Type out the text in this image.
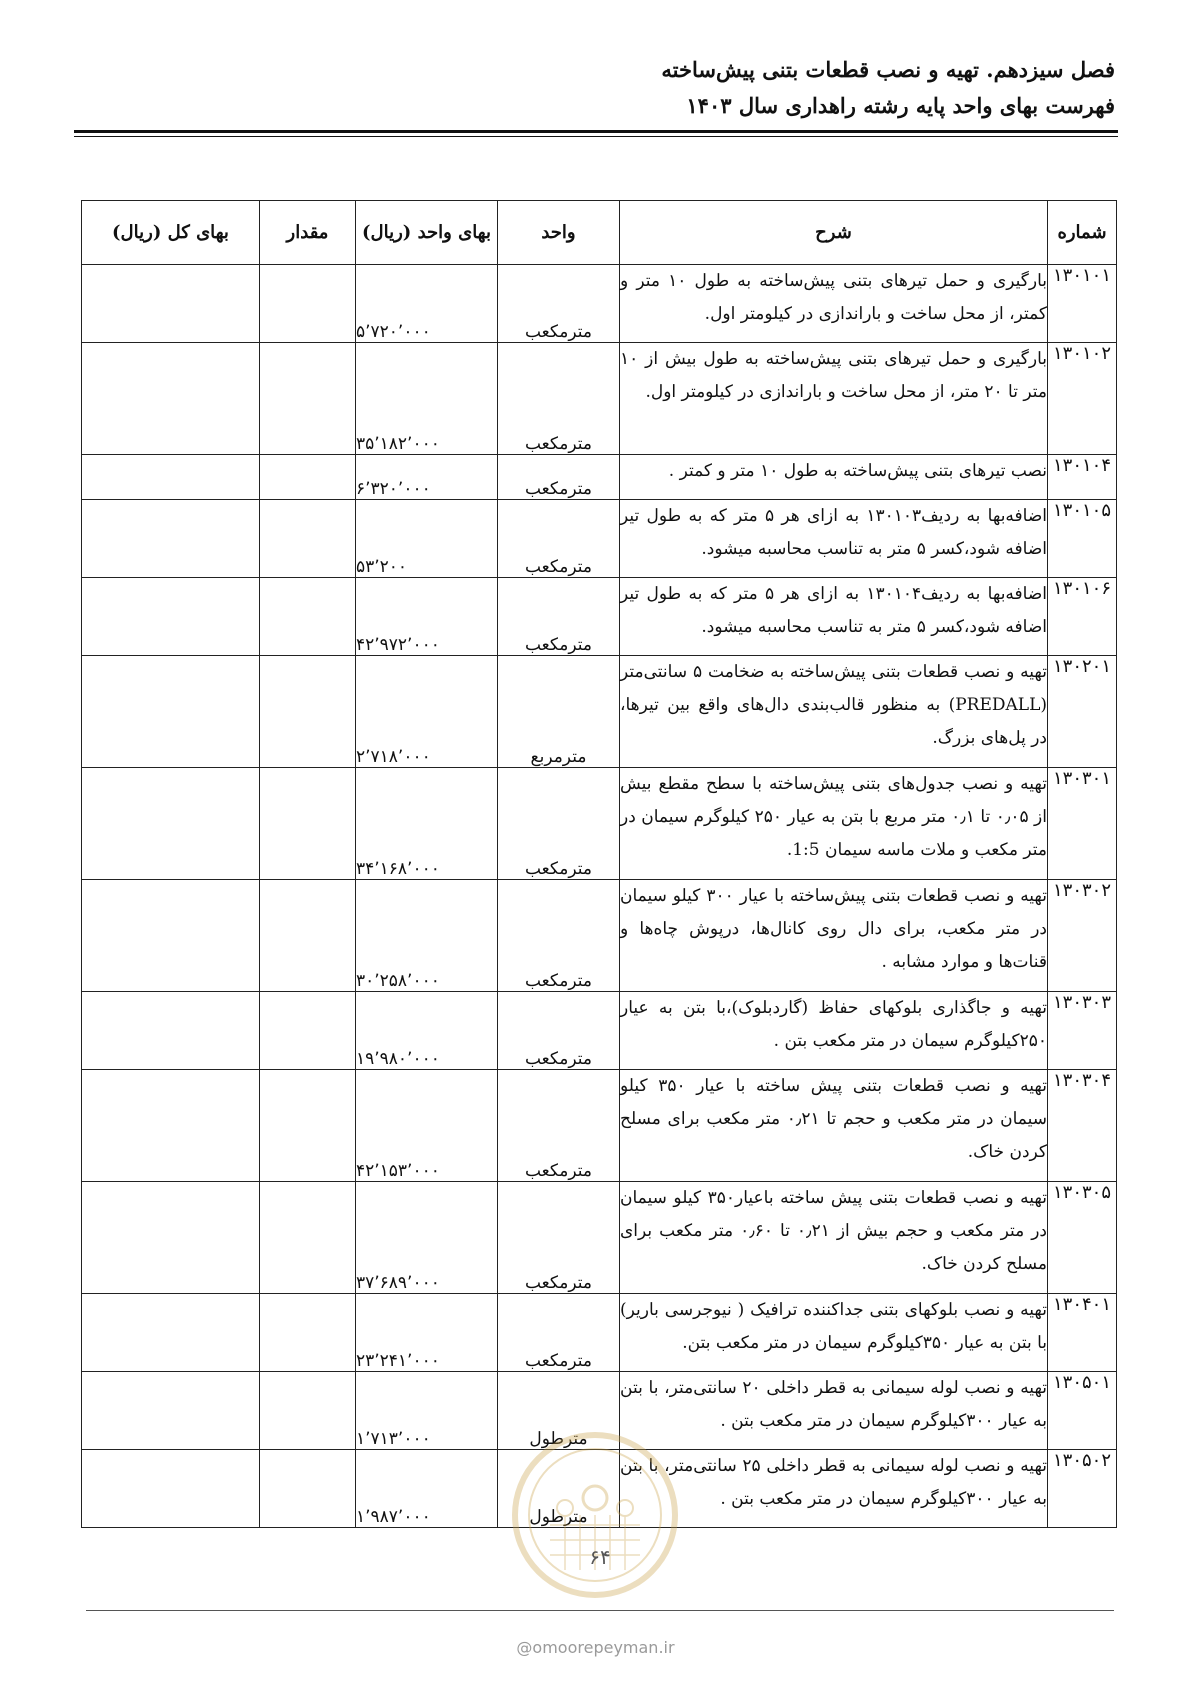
فصل سیزدهم. تهیه و نصب قطعات بتنی پیش‌ساخته
فهرست بهای واحد پایه رشته راهداری سال ۱۴۰۳
شماره	شرح	واحد	بهای واحد (ریال)	مقدار	بهای کل (ریال)
۱۳۰۱۰۱	بارگیری و حمل تیرهای بتنی پیش‌ساخته به طول ۱۰ متر و کمتر، از محل ساخت و باراندازی در کیلومتر اول.	مترمکعب	۵٬۷۲۰٬۰۰۰		
۱۳۰۱۰۲	بارگیری و حمل تیرهای بتنی پیش‌ساخته به طول بیش از ۱۰ متر تا ۲۰ متر، از محل ساخت و باراندازی در کیلومتر اول.	مترمکعب	۳۵٬۱۸۲٬۰۰۰		
۱۳۰۱۰۴	نصب تیرهای بتنی پیش‌ساخته به طول ۱۰ متر و کمتر .	مترمکعب	۶٬۳۲۰٬۰۰۰		
۱۳۰۱۰۵	اضافه‌بها به ردیف۱۳۰۱۰۳ به ازای هر ۵ متر که به طول تیر اضافه شود،کسر ۵ متر به تناسب محاسبه میشود.	مترمکعب	۵۳٬۲۰۰		
۱۳۰۱۰۶	اضافه‌بها به ردیف۱۳۰۱۰۴ به ازای هر ۵ متر که به طول تیر اضافه شود،کسر ۵ متر به تناسب محاسبه میشود.	مترمکعب	۴۲٬۹۷۲٬۰۰۰		
۱۳۰۲۰۱	تهیه و نصب قطعات بتنی پیش‌ساخته به ضخامت ۵ سانتی‌متر (PREDALL) به منظور قالب‌بندی دال‌های واقع بین تیرها، در پل‌های بزرگ.	مترمربع	۲٬۷۱۸٬۰۰۰		
۱۳۰۳۰۱	تهیه و نصب جدول‌های بتنی پیش‌ساخته با سطح مقطع بیش از ۰٫۰۵ تا ۰٫۱ متر مربع با بتن به عیار ۲۵۰ کیلوگرم سیمان در متر مکعب و ملات ماسه سیمان 1:5.	مترمکعب	۳۴٬۱۶۸٬۰۰۰		
۱۳۰۳۰۲	تهیه و نصب قطعات بتنی پیش‌ساخته با عیار ۳۰۰ کیلو سیمان در متر مکعب، برای دال روی کانال‌ها، درپوش چاه‌ها و قنات‌ها و موارد مشابه .	مترمکعب	۳۰٬۲۵۸٬۰۰۰		
۱۳۰۳۰۳	تهیه و جاگذاری بلوکهای حفاظ (گاردبلوک)،با بتن به عیار ۲۵۰کیلوگرم سیمان در متر مکعب بتن .	مترمکعب	۱۹٬۹۸۰٬۰۰۰		
۱۳۰۳۰۴	تهیه و نصب قطعات بتنی پیش ساخته با عیار ۳۵۰ کیلو سیمان در متر مکعب و حجم تا ۰٫۲۱ متر مکعب برای مسلح کردن خاک.	مترمکعب	۴۲٬۱۵۳٬۰۰۰		
۱۳۰۳۰۵	تهیه و نصب قطعات بتنی پیش ساخته باعیار۳۵۰ کیلو سیمان در متر مکعب و حجم بیش از ۰٫۲۱ تا ۰٫۶۰ متر مکعب برای مسلح کردن خاک.	مترمکعب	۳۷٬۶۸۹٬۰۰۰		
۱۳۰۴۰۱	تهیه و نصب بلوکهای بتنی جداکننده ترافیک ( نیوجرسی باریر) با بتن به عیار ۳۵۰کیلوگرم سیمان در متر مکعب بتن.	مترمکعب	۲۳٬۲۴۱٬۰۰۰		
۱۳۰۵۰۱	تهیه و نصب لوله سیمانی به قطر داخلی ۲۰ سانتی‌متر، با بتن به عیار ۳۰۰کیلوگرم سیمان در متر مکعب بتن .	مترطول	۱٬۷۱۳٬۰۰۰		
۱۳۰۵۰۲	تهیه و نصب لوله سیمانی به قطر داخلی ۲۵ سانتی‌متر، با بتن به عیار ۳۰۰کیلوگرم سیمان در متر مکعب بتن .	مترطول	۱٬۹۸۷٬۰۰۰		
۶۴
@omoorepeyman.ir
